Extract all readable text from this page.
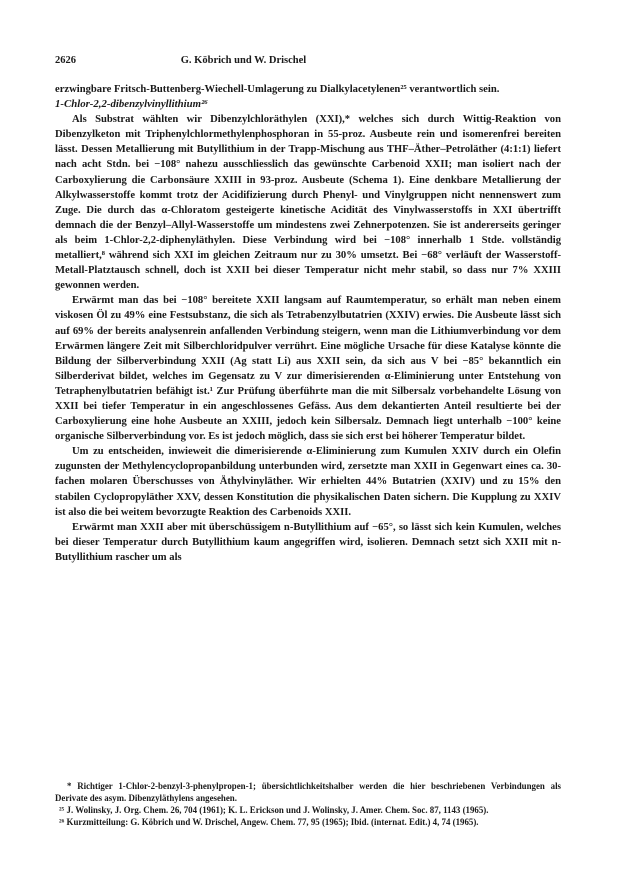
2626	G. Köbrich und W. Drischel

erzwingbare Fritsch-Buttenberg-Wiechell-Umlagerung zu Dialkylacetylenen²⁵ verantwortlich sein.

1-Chlor-2,2-dibenzylvinyllithium²⁶

Als Substrat wählten wir Dibenzylchloräthylen (XXI),* welches sich durch Wittig-Reaktion von Dibenzylketon mit Triphenylchlormethylenphosphoran in 55-proz. Ausbeute rein und isomerenfrei bereiten lässt. Dessen Metallierung mit Butyllithium in der Trapp-Mischung aus THF–Äther–Petroläther (4:1:1) liefert nach acht Stdn. bei −108° nahezu ausschliesslich das gewünschte Carbenoid XXII; man isoliert nach der Carboxylierung die Carbonsäure XXIII in 93-proz. Ausbeute (Schema 1). Eine denkbare Metallierung der Alkylwasserstoffe kommt trotz der Acidifizierung durch Phenyl- und Vinylgruppen nicht nennenswert zum Zuge. Die durch das α-Chloratom gesteigerte kinetische Acidität des Vinylwasserstoffs in XXI übertrifft demnach die der Benzyl–Allyl-Wasserstoffe um mindestens zwei Zehnerpotenzen. Sie ist andererseits geringer als beim 1-Chlor-2,2-diphenyläthylen. Diese Verbindung wird bei −108° innerhalb 1 Stde. vollständig metalliert,⁸ während sich XXI im gleichen Zeitraum nur zu 30% umsetzt. Bei −68° verläuft der Wasserstoff-Metall-Platztausch schnell, doch ist XXII bei dieser Temperatur nicht mehr stabil, so dass nur 7% XXIII gewonnen werden.

Erwärmt man das bei −108° bereitete XXII langsam auf Raumtemperatur, so erhält man neben einem viskosen Öl zu 49% eine Festsubstanz, die sich als Tetrabenzylbutatrien (XXIV) erwies. Die Ausbeute lässt sich auf 69% der bereits analysenrein anfallenden Verbindung steigern, wenn man die Lithiumverbindung vor dem Erwärmen längere Zeit mit Silberchloridpulver verrührt. Eine mögliche Ursache für diese Katalyse könnte die Bildung der Silberverbindung XXII (Ag statt Li) aus XXII sein, da sich aus V bei −85° bekanntlich ein Silberderivat bildet, welches im Gegensatz zu V zur dimerisierenden α-Eliminierung unter Entstehung von Tetraphenylbutatrien befähigt ist.¹ Zur Prüfung überführte man die mit Silbersalz vorbehandelte Lösung von XXII bei tiefer Temperatur in ein angeschlossenes Gefäss. Aus dem dekantierten Anteil resultierte bei der Carboxylierung eine hohe Ausbeute an XXIII, jedoch kein Silbersalz. Demnach liegt unterhalb −100° keine organische Silberverbindung vor. Es ist jedoch möglich, dass sie sich erst bei höherer Temperatur bildet.

Um zu entscheiden, inwieweit die dimerisierende α-Eliminierung zum Kumulen XXIV durch ein Olefin zugunsten der Methylencyclopropanbildung unterbunden wird, zersetzte man XXII in Gegenwart eines ca. 30-fachen molaren Überschusses von Äthylvinyläther. Wir erhielten 44% Butatrien (XXIV) und zu 15% den stabilen Cyclopropyläther XXV, dessen Konstitution die physikalischen Daten sichern. Die Kupplung zu XXIV ist also die bei weitem bevorzugte Reaktion des Carbenoids XXII.

Erwärmt man XXII aber mit überschüssigem n-Butyllithium auf −65°, so lässt sich kein Kumulen, welches bei dieser Temperatur durch Butyllithium kaum angegriffen wird, isolieren. Demnach setzt sich XXII mit n-Butyllithium rascher um als

* Richtiger 1-Chlor-2-benzyl-3-phenylpropen-1; übersichtlichkeitshalber werden die hier beschriebenen Verbindungen als Derivate des asym. Dibenzyläthylens angesehen.

²⁵ J. Wolinsky, J. Org. Chem. 26, 704 (1961); K. L. Erickson und J. Wolinsky, J. Amer. Chem. Soc. 87, 1143 (1965).

²⁶ Kurzmitteilung: G. Köbrich und W. Drischel, Angew. Chem. 77, 95 (1965); Ibid. (internat. Edit.) 4, 74 (1965).
